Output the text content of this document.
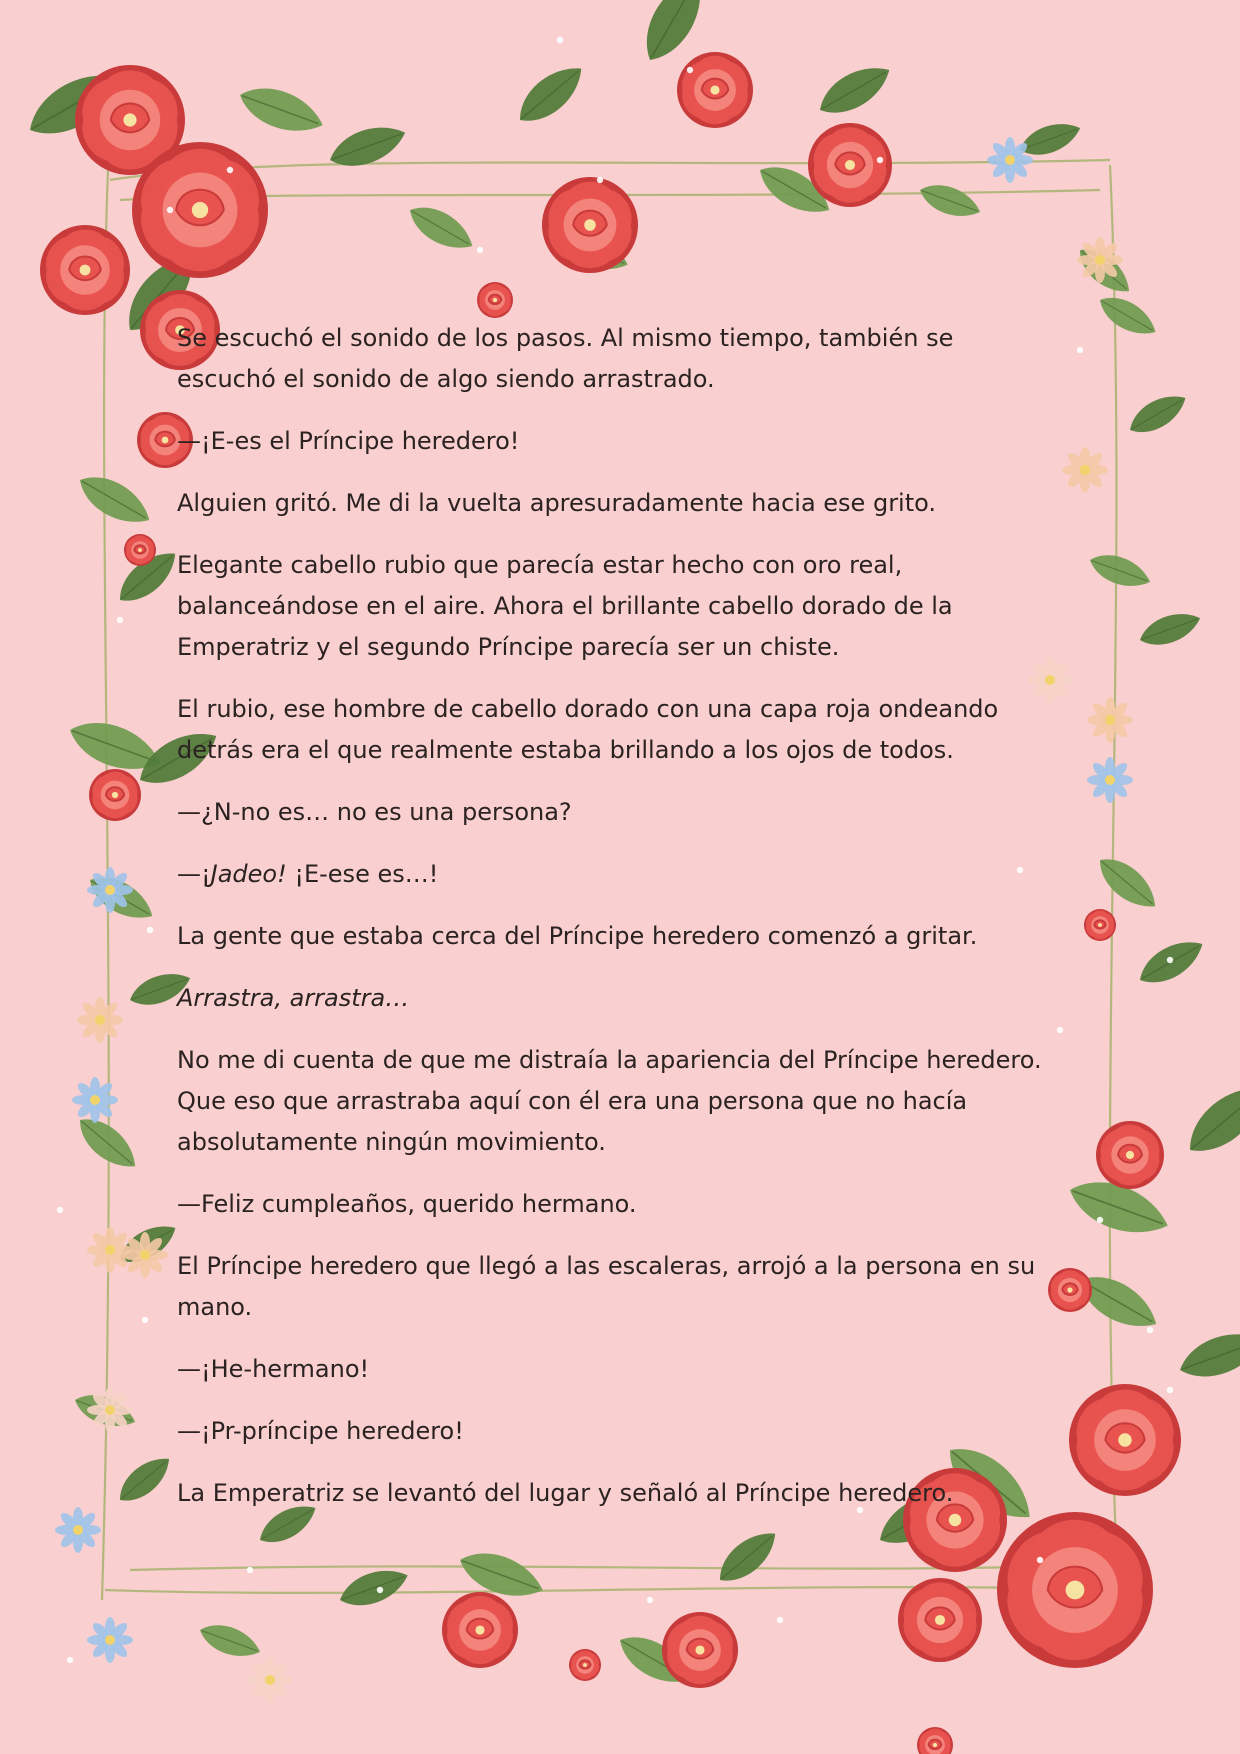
Se escuchó el sonido de los pasos. Al mismo tiempo, también se escuchó el sonido de algo siendo arrastrado.

—¡E-es el Príncipe heredero!

Alguien gritó. Me di la vuelta apresuradamente hacia ese grito.

Elegante cabello rubio que parecía estar hecho con oro real, balanceándose en el aire. Ahora el brillante cabello dorado de la Emperatriz y el segundo Príncipe parecía ser un chiste.

El rubio, ese hombre de cabello dorado con una capa roja ondeando detrás era el que realmente estaba brillando a los ojos de todos.

—¿N-no es… no es una persona?

—¡Jadeo! ¡E-ese es…!

La gente que estaba cerca del Príncipe heredero comenzó a gritar.

Arrastra, arrastra…

No me di cuenta de que me distraía la apariencia del Príncipe heredero. Que eso que arrastraba aquí con él era una persona que no hacía absolutamente ningún movimiento.

—Feliz cumpleaños, querido hermano.

El Príncipe heredero que llegó a las escaleras, arrojó a la persona en su mano.

—¡He-hermano!

—¡Pr-príncipe heredero!

La Emperatriz se levantó del lugar y señaló al Príncipe heredero.
